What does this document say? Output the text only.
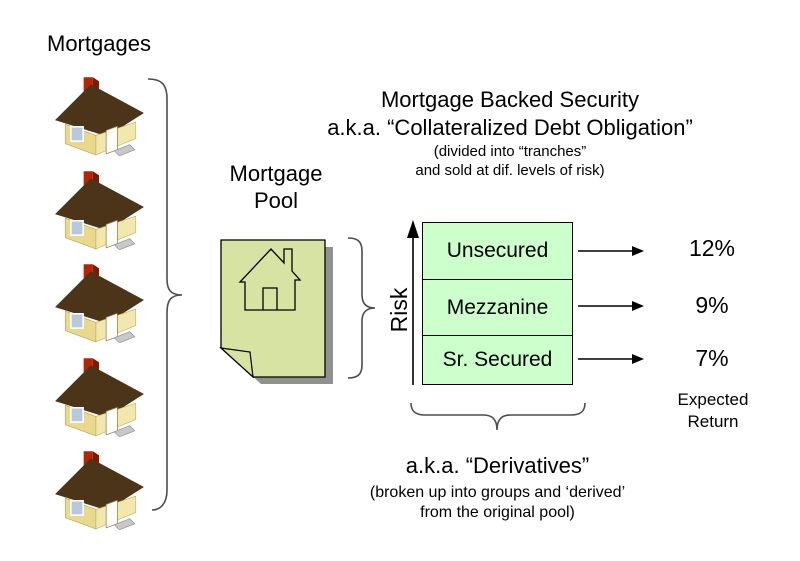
Mortgages
Mortgage
Pool
Mortgage Backed Security
a.k.a. “Collateralized Debt Obligation”
(divided into “tranches”
and sold at dif. levels of risk)
Risk
Unsecured
Mezzanine
Sr. Secured
12%
9%
7%
Expected
Return
a.k.a. “Derivatives”
(broken up into groups and ‘derived’
from the original pool)
